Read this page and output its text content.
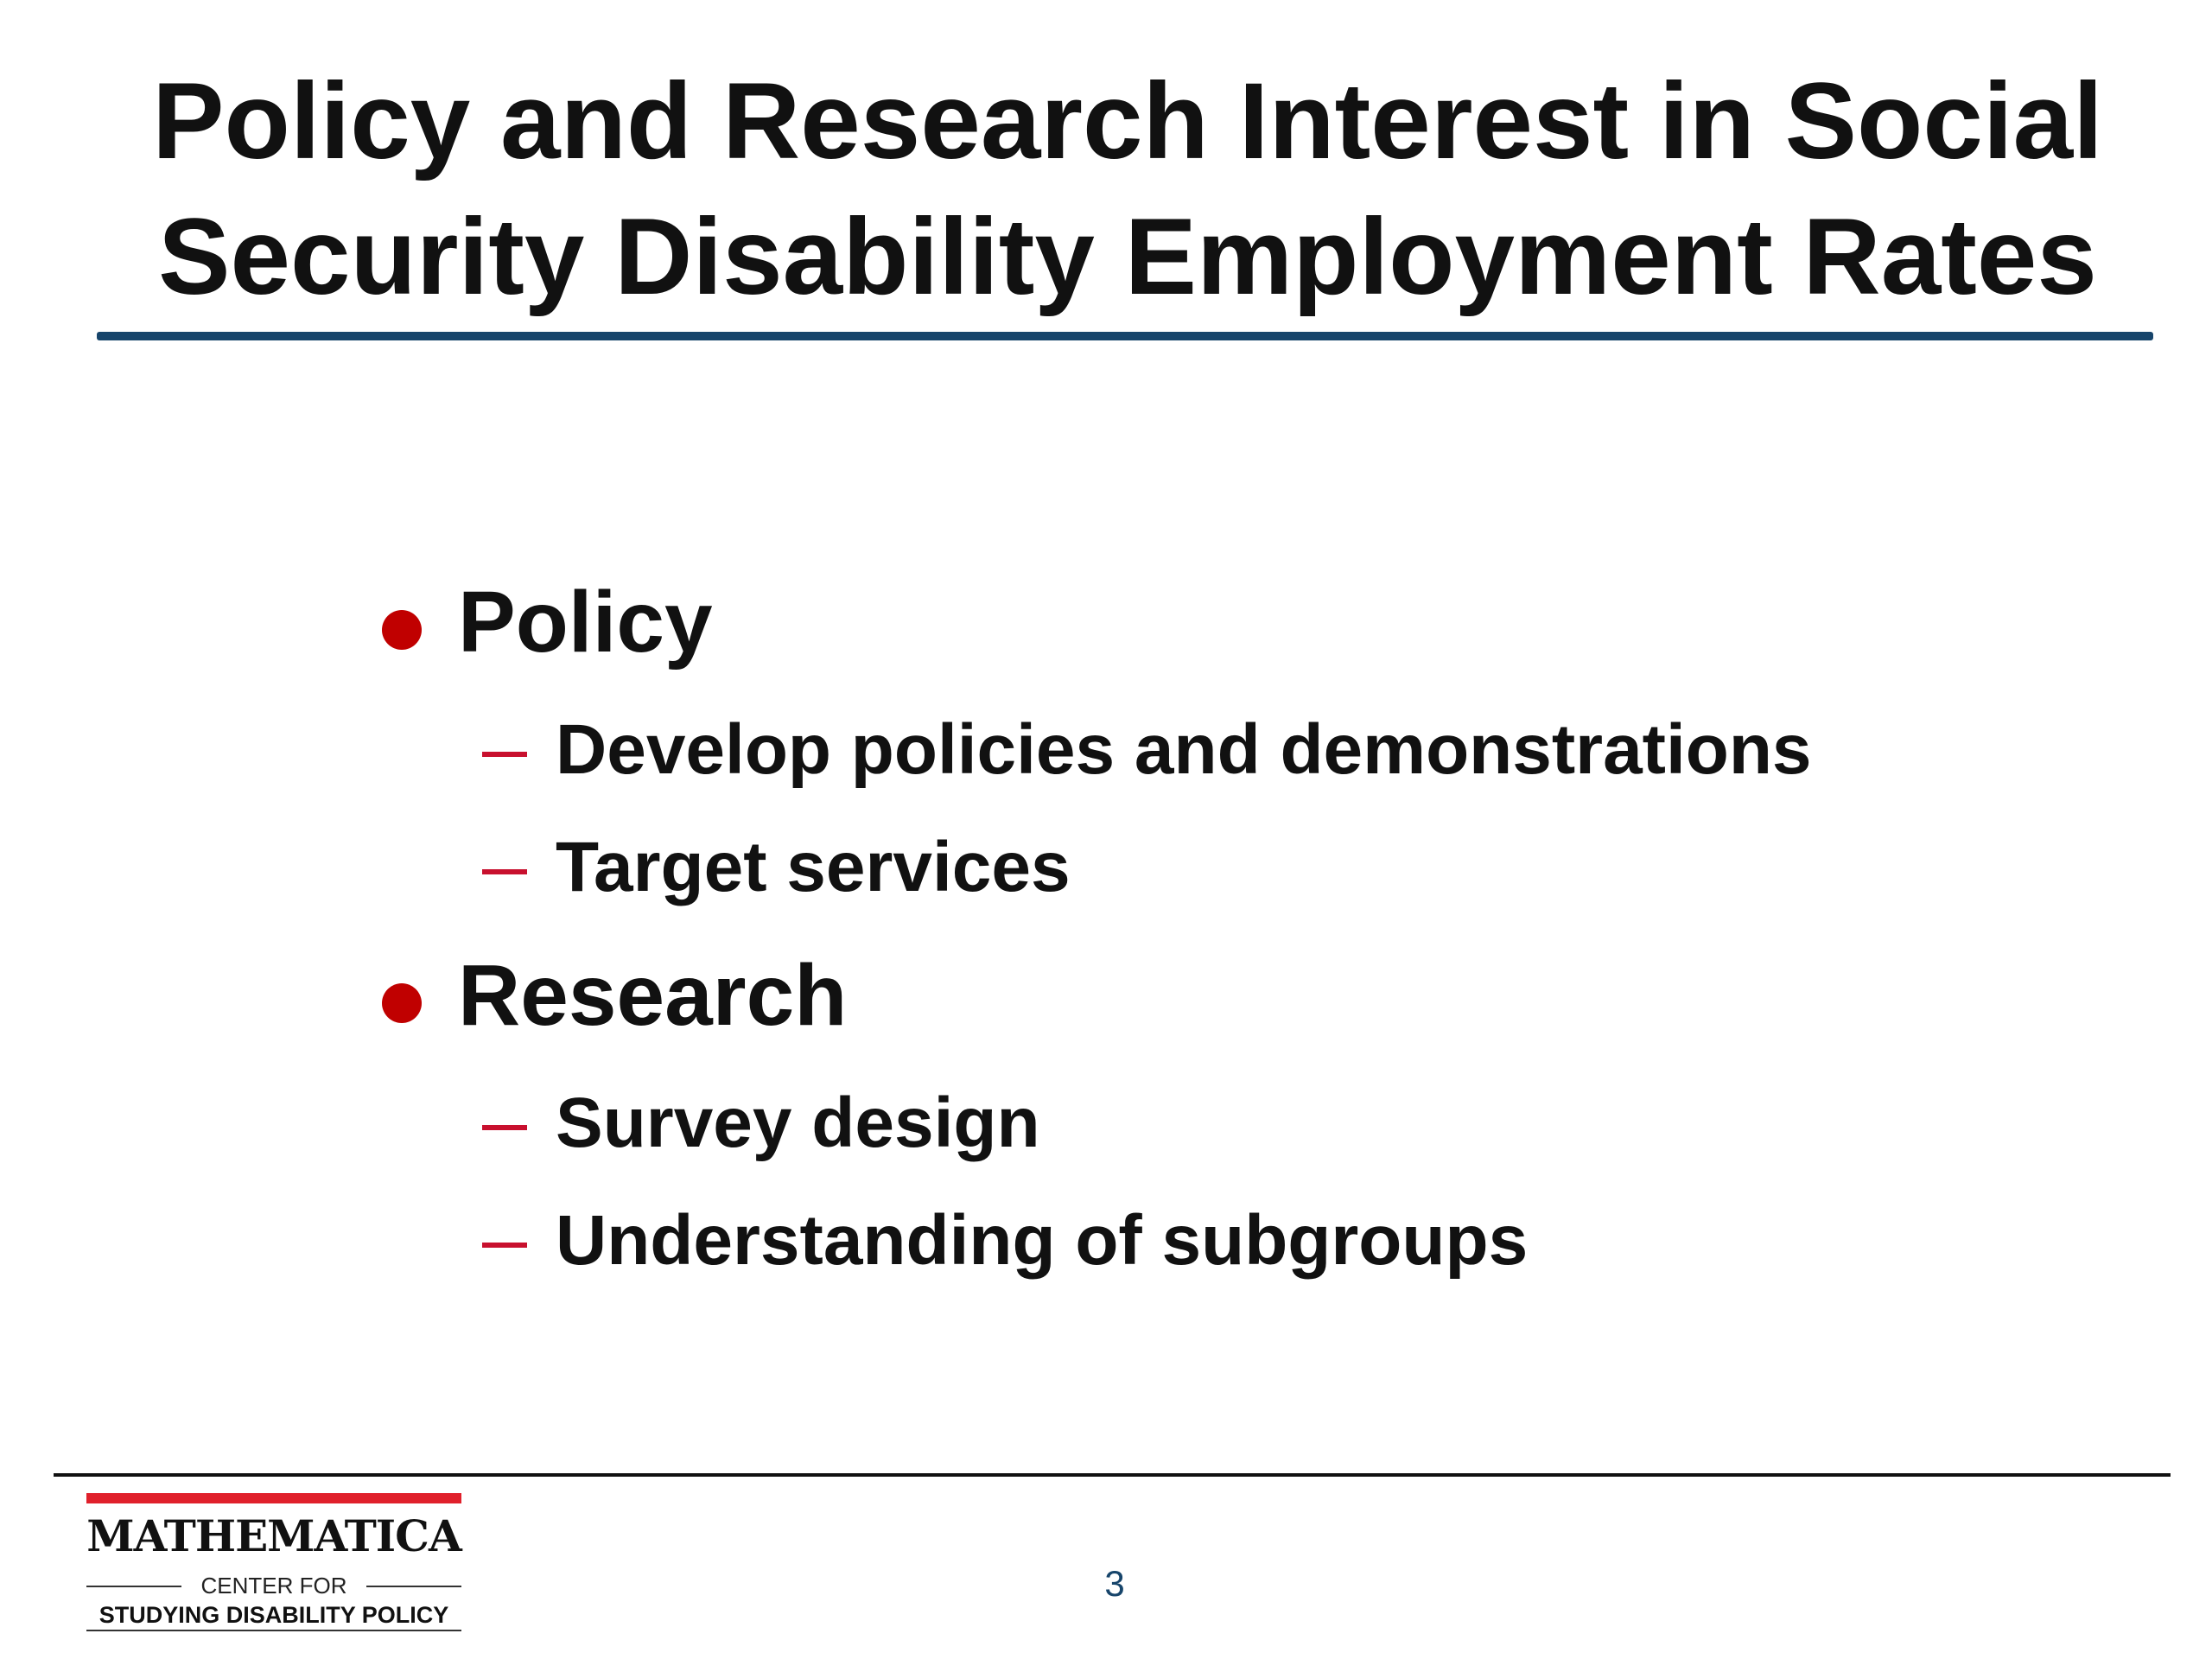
Policy and Research Interest in Social
Security Disability Employment Rates
Policy
Develop policies and demonstrations
Target services
Research
Survey design
Understanding of subgroups
MATHEMATICA
CENTER FOR
STUDYING DISABILITY POLICY
3
